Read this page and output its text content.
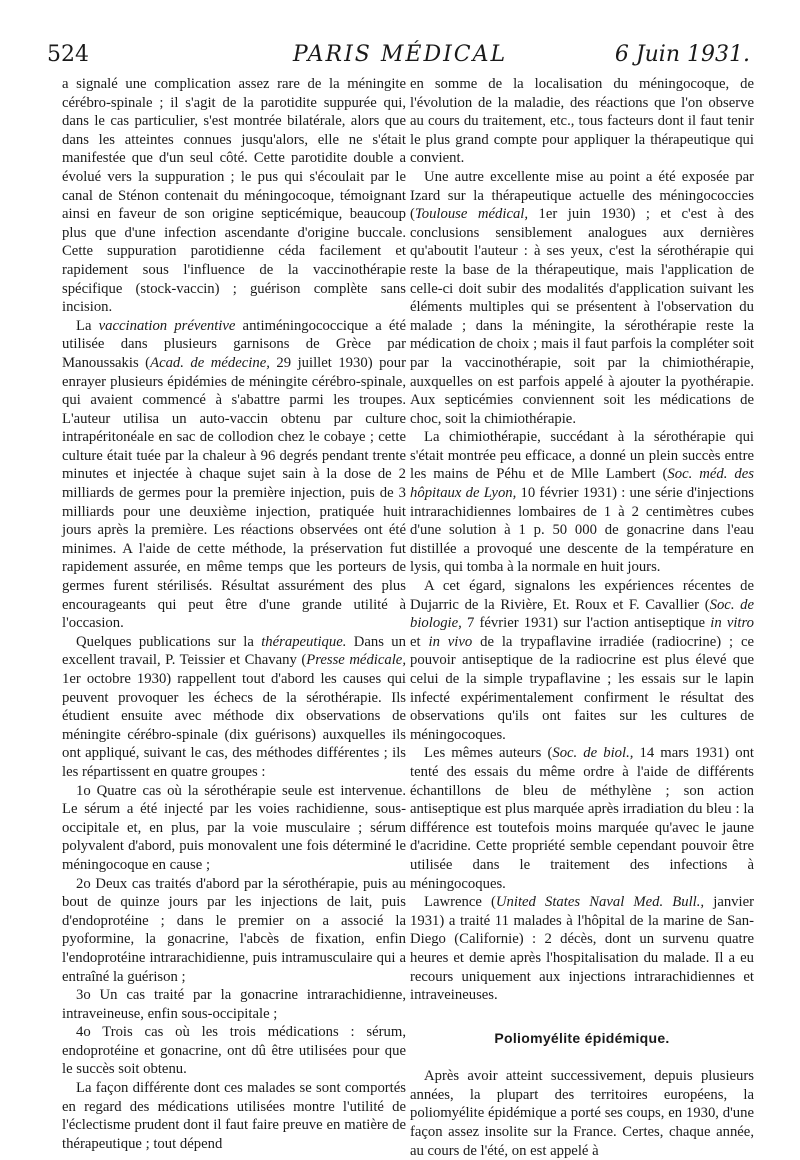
524	PARIS MÉDICAL	6 Juin 1931.

a signalé une complication assez rare de la méningite cérébro-spinale ; il s'agit de la parotidite suppurée qui, dans le cas particulier, s'est montrée bilatérale, alors que dans les atteintes connues jusqu'alors, elle ne s'était manifestée que d'un seul côté. Cette parotidite double a évolué vers la suppuration ; le pus qui s'écoulait par le canal de Sténon contenait du méningocoque, témoignant ainsi en faveur de son origine septicémique, beaucoup plus que d'une infection ascendante d'origine buccale. Cette suppuration parotidienne céda facilement et rapidement sous l'influence de la vaccinothérapie spécifique (stock-vaccin) ; guérison complète sans incision.

La vaccination préventive antiméningococcique a été utilisée dans plusieurs garnisons de Grèce par Manoussakis (Acad. de médecine, 29 juillet 1930) pour enrayer plusieurs épidémies de méningite cérébro-spinale, qui avaient commencé à s'abattre parmi les troupes. L'auteur utilisa un auto-vaccin obtenu par culture intrapéritonéale en sac de collodion chez le cobaye ; cette culture était tuée par la chaleur à 96 degrés pendant trente minutes et injectée à chaque sujet sain à la dose de 2 milliards de germes pour la première injection, puis de 3 milliards pour une deuxième injection, pratiquée huit jours après la première. Les réactions observées ont été minimes. A l'aide de cette méthode, la préservation fut rapidement assurée, en même temps que les porteurs de germes furent stérilisés. Résultat assurément des plus encourageants qui peut être d'une grande utilité à l'occasion.

Quelques publications sur la thérapeutique. Dans un excellent travail, P. Teissier et Chavany (Presse médicale, 1er octobre 1930) rappellent tout d'abord les causes qui peuvent provoquer les échecs de la sérothérapie. Ils étudient ensuite avec méthode dix observations de méningite cérébro-spinale (dix guérisons) auxquelles ils ont appliqué, suivant le cas, des méthodes différentes ; ils les répartissent en quatre groupes :

1o Quatre cas où la sérothérapie seule est intervenue. Le sérum a été injecté par les voies rachidienne, sous-occipitale et, en plus, par la voie musculaire ; sérum polyvalent d'abord, puis monovalent une fois déterminé le méningocoque en cause ;

2o Deux cas traités d'abord par la sérothérapie, puis au bout de quinze jours par les injections de lait, puis d'endoprotéine ; dans le premier on a associé la pyoformine, la gonacrine, l'abcès de fixation, enfin l'endoprotéine intrarachidienne, puis intramusculaire qui a entraîné la guérison ;

3o Un cas traité par la gonacrine intrarachidienne, intraveineuse, enfin sous-occipitale ;

4o Trois cas où les trois médications : sérum, endoprotéine et gonacrine, ont dû être utilisées pour que le succès soit obtenu.

La façon différente dont ces malades se sont comportés en regard des médications utilisées montre l'utilité de l'éclectisme prudent dont il faut faire preuve en matière de thérapeutique ; tout dépend

en somme de la localisation du méningocoque, de l'évolution de la maladie, des réactions que l'on observe au cours du traitement, etc., tous facteurs dont il faut tenir le plus grand compte pour appliquer la thérapeutique qui convient.

Une autre excellente mise au point a été exposée par Izard sur la thérapeutique actuelle des méningococcies (Toulouse médical, 1er juin 1930) ; et c'est à des conclusions sensiblement analogues aux dernières qu'aboutit l'auteur : à ses yeux, c'est la sérothérapie qui reste la base de la thérapeutique, mais l'application de celle-ci doit subir des modalités d'application suivant les éléments multiples qui se présentent à l'observation du malade ; dans la méningite, la sérothérapie reste la médication de choix ; mais il faut parfois la compléter soit par la vaccinothérapie, soit par la chimiothérapie, auxquelles on est parfois appelé à ajouter la pyothérapie. Aux septicémies conviennent soit les médications de choc, soit la chimiothérapie.

La chimiothérapie, succédant à la sérothérapie qui s'était montrée peu efficace, a donné un plein succès entre les mains de Péhu et de Mlle Lambert (Soc. méd. des hôpitaux de Lyon, 10 février 1931) : une série d'injections intrarachidiennes lombaires de 1 à 2 centimètres cubes d'une solution à 1 p. 50 000 de gonacrine dans l'eau distillée a provoqué une descente de la température en lysis, qui tomba à la normale en huit jours.

A cet égard, signalons les expériences récentes de Dujarric de la Rivière, Et. Roux et F. Cavallier (Soc. de biologie, 7 février 1931) sur l'action antiseptique in vitro et in vivo de la trypaflavine irradiée (radiocrine) ; ce pouvoir antiseptique de la radiocrine est plus élevé que celui de la simple trypaflavine ; les essais sur le lapin infecté expérimentalement confirment le résultat des observations qu'ils ont faites sur les cultures de méningocoques.

Les mêmes auteurs (Soc. de biol., 14 mars 1931) ont tenté des essais du même ordre à l'aide de différents échantillons de bleu de méthylène ; son action antiseptique est plus marquée après irradiation du bleu : la différence est toutefois moins marquée qu'avec le jaune d'acridine. Cette propriété semble cependant pouvoir être utilisée dans le traitement des infections à méningocoques.

Lawrence (United States Naval Med. Bull., janvier 1931) a traité 11 malades à l'hôpital de la marine de San-Diego (Californie) : 2 décès, dont un survenu quatre heures et demie après l'hospitalisation du malade. Il a eu recours uniquement aux injections intrarachidiennes et intraveineuses.

Poliomyélite épidémique.

Après avoir atteint successivement, depuis plusieurs années, la plupart des territoires européens, la poliomyélite épidémique a porté ses coups, en 1930, d'une façon assez insolite sur la France. Certes, chaque année, au cours de l'été, on est appelé à
